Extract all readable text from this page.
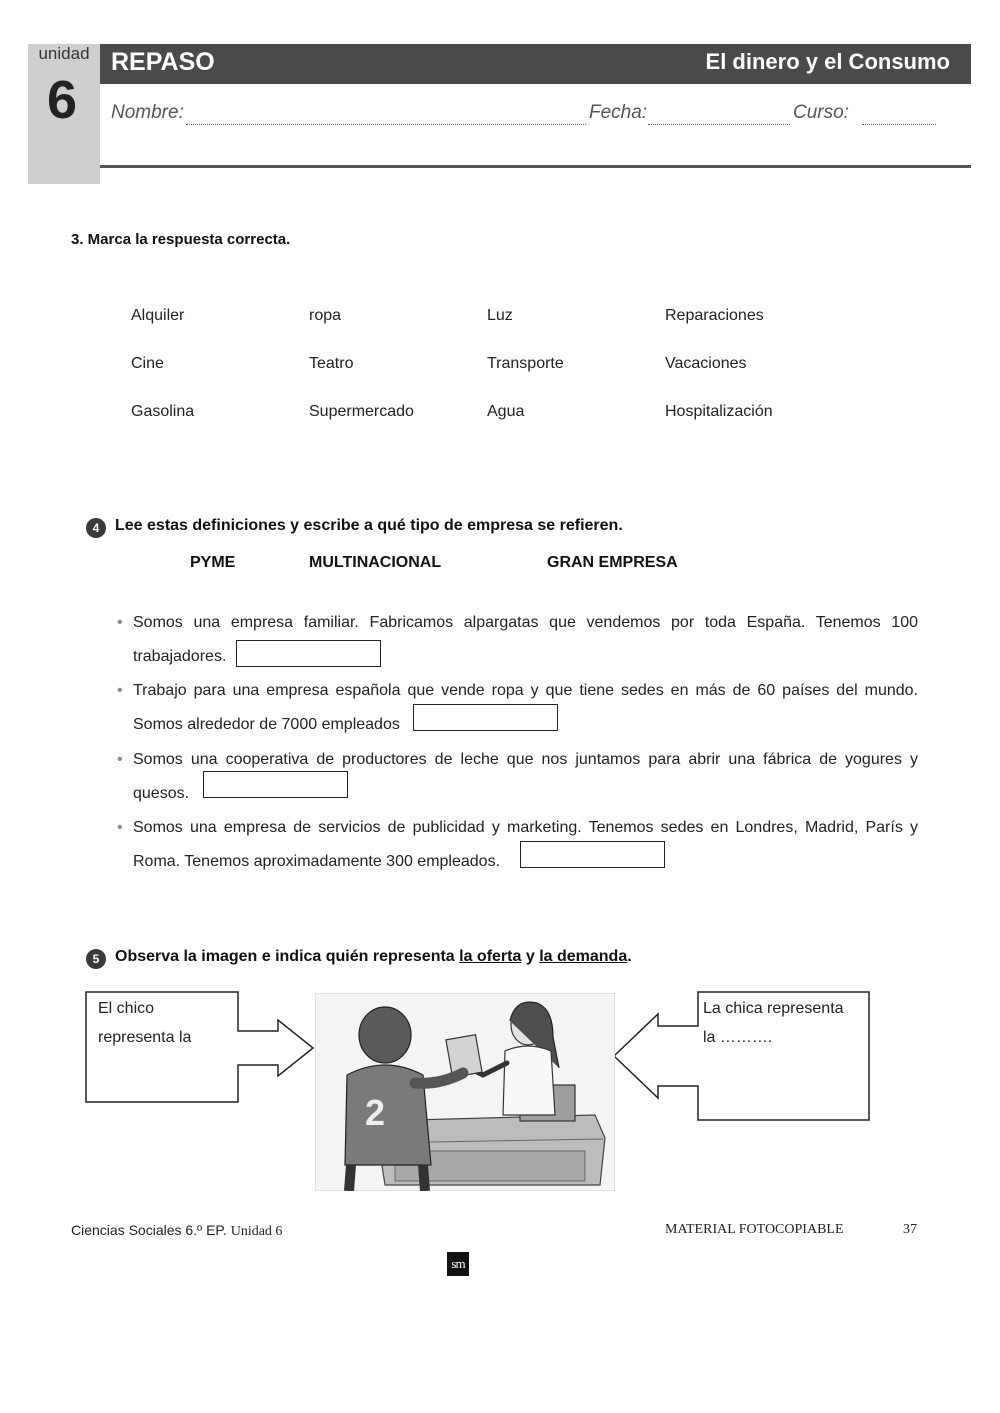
unidad
6
REPASO	El dinero y el Consumo
Nombre:	Fecha:	Curso:
3. Marca la respuesta correcta.
Alquiler	ropa	Luz	Reparaciones
Cine	Teatro	Transporte	Vacaciones
Gasolina	Supermercado	Agua	Hospitalización
4 Lee estas definiciones y escribe a qué tipo de empresa se refieren.
PYME	MULTINACIONAL	GRAN EMPRESA
• Somos una empresa familiar. Fabricamos alpargatas que vendemos por toda España. Tenemos 100
trabajadores.
• Trabajo para una empresa española que vende ropa y que tiene sedes en más de 60 países del mundo.
Somos alrededor de 7000 empleados
• Somos una cooperativa de productores de leche que nos juntamos para abrir una fábrica de yogures y
quesos.
• Somos una empresa de servicios de publicidad y marketing. Tenemos sedes en Londres, Madrid, París y
Roma. Tenemos aproximadamente 300 empleados.
5 Observa la imagen e indica quién representa la oferta y la demanda.
El chico
representa la
La chica representa
la ……….
2
Ciencias Sociales 6.º EP. Unidad 6	MATERIAL FOTOCOPIABLE	37
sm
